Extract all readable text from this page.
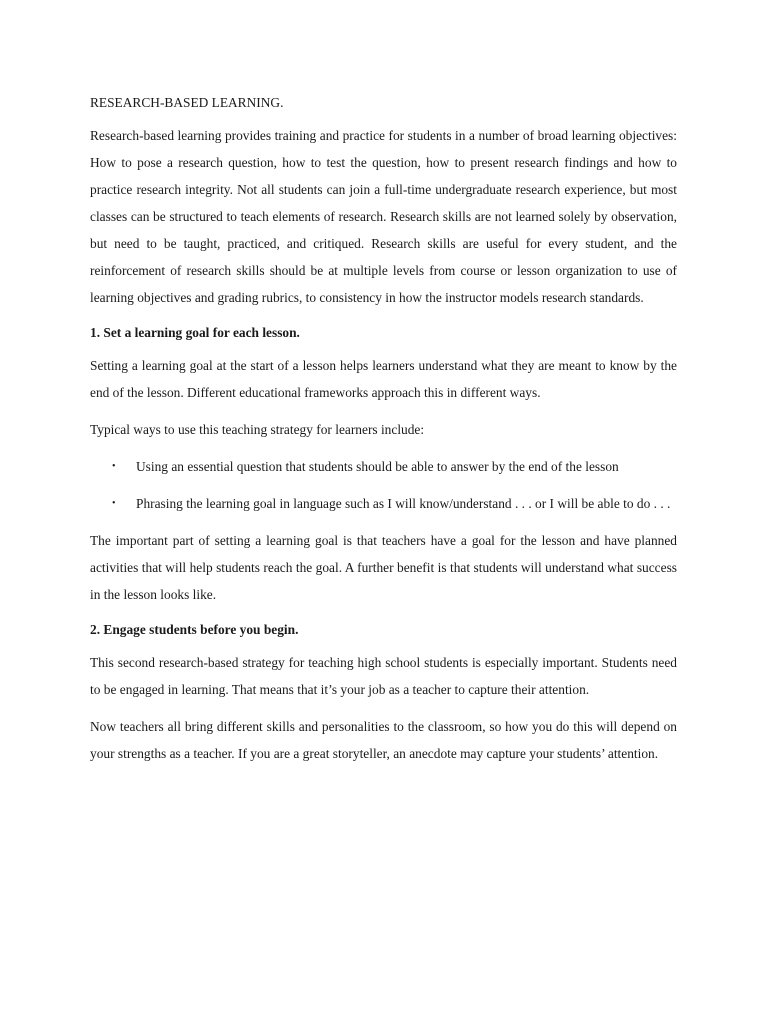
RESEARCH-BASED LEARNING.

Research-based learning provides training and practice for students in a number of broad learning objectives: How to pose a research question, how to test the question, how to present research findings and how to practice research integrity. Not all students can join a full-time undergraduate research experience, but most classes can be structured to teach elements of research. Research skills are not learned solely by observation, but need to be taught, practiced, and critiqued. Research skills are useful for every student, and the reinforcement of research skills should be at multiple levels from course or lesson organization to use of learning objectives and grading rubrics, to consistency in how the instructor models research standards.

1. Set a learning goal for each lesson.

Setting a learning goal at the start of a lesson helps learners understand what they are meant to know by the end of the lesson. Different educational frameworks approach this in different ways.

Typical ways to use this teaching strategy for learners include:

• Using an essential question that students should be able to answer by the end of the lesson
• Phrasing the learning goal in language such as I will know/understand . . . or I will be able to do . . .

The important part of setting a learning goal is that teachers have a goal for the lesson and have planned activities that will help students reach the goal. A further benefit is that students will understand what success in the lesson looks like.

2. Engage students before you begin.

This second research-based strategy for teaching high school students is especially important. Students need to be engaged in learning. That means that it’s your job as a teacher to capture their attention.

Now teachers all bring different skills and personalities to the classroom, so how you do this will depend on your strengths as a teacher. If you are a great storyteller, an anecdote may capture your students’ attention.
